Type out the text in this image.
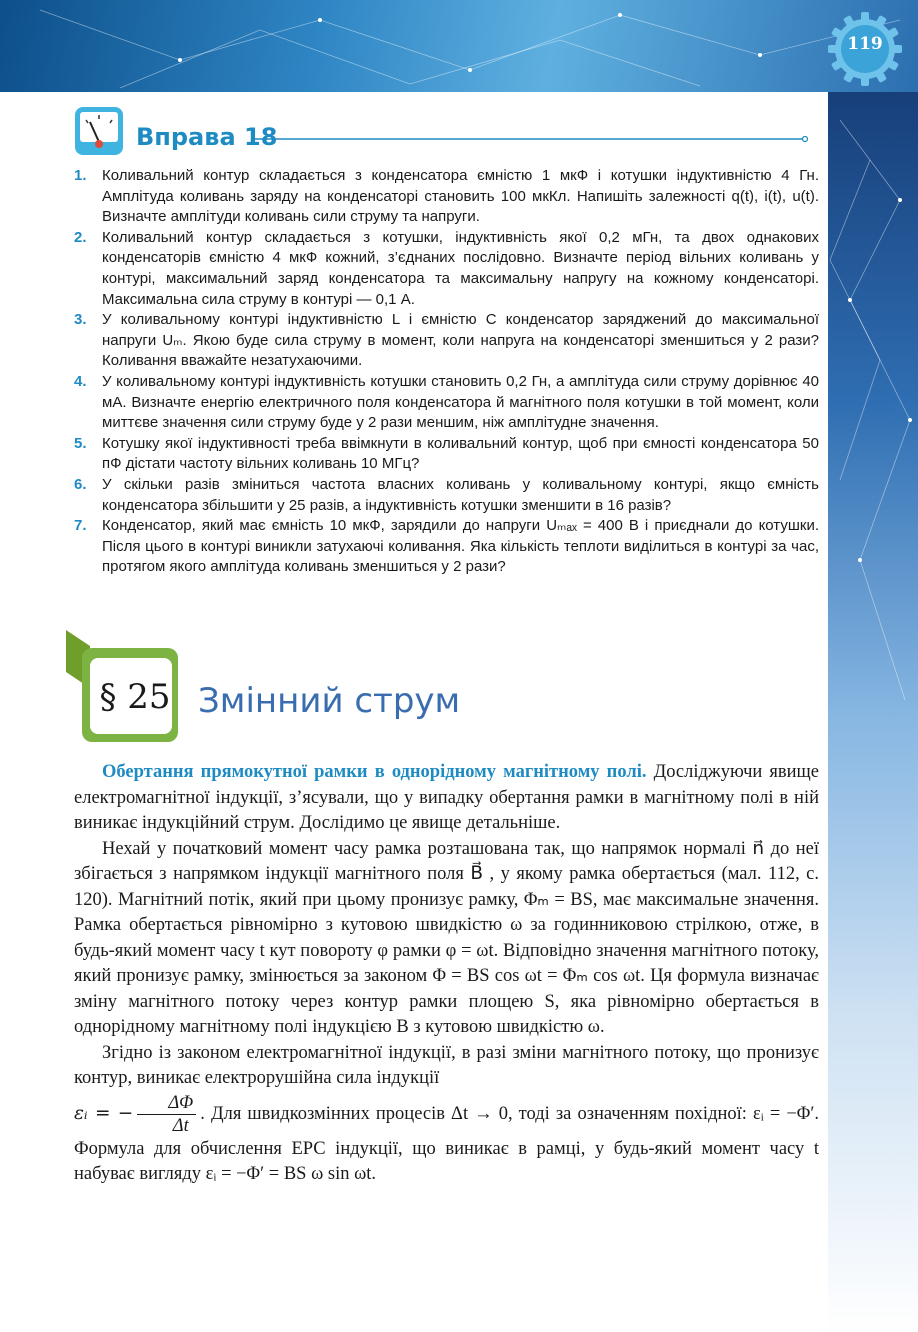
119
Вправа 18
1. Коливальний контур складається з конденсатора ємністю 1 мкФ і котушки індуктивністю 4 Гн. Амплітуда коливань заряду на конденсаторі становить 100 мкКл. Напишіть залежності q(t), i(t), u(t). Визначте амплітуди коливань сили струму та напруги.
2. Коливальний контур складається з котушки, індуктивність якої 0,2 мГн, та двох однакових конденсаторів ємністю 4 мкФ кожний, з’єднаних послідовно. Визначте період вільних коливань у контурі, максимальний заряд конденсатора та максимальну напругу на кожному конденсаторі. Максимальна сила струму в контурі — 0,1 А.
3. У коливальному контурі індуктивністю L і ємністю C конденсатор заряджений до максимальної напруги Uₘ. Якою буде сила струму в момент, коли напруга на конденсаторі зменшиться у 2 рази? Коливання вважайте незатухаючими.
4. У коливальному контурі індуктивність котушки становить 0,2 Гн, а амплітуда сили струму дорівнює 40 мА. Визначте енергію електричного поля конденсатора й магнітного поля котушки в той момент, коли миттєве значення сили струму буде у 2 рази меншим, ніж амплітудне значення.
5. Котушку якої індуктивності треба ввімкнути в коливальний контур, щоб при ємності конденсатора 50 пФ дістати частоту вільних коливань 10 МГц?
6. У скільки разів зміниться частота власних коливань у коливальному контурі, якщо ємність конденсатора збільшити у 25 разів, а індуктивність котушки зменшити в 16 разів?
7. Конденсатор, який має ємність 10 мкФ, зарядили до напруги Uₘₐₓ = 400 В і приєднали до котушки. Після цього в контурі виникли затухаючі коливання. Яка кількість теплоти виділиться в контурі за час, протягом якого амплітуда коливань зменшиться у 2 рази?
§ 25 Змінний струм

Обертання прямокутної рамки в однорідному магнітному полі. Досліджуючи явище електромагнітної індукції, з’ясували, що у випадку обертання рамки в магнітному полі в ній виникає індукційний струм. Дослідимо це явище детальніше.

Нехай у початковий момент часу рамка розташована так, що напрямок нормалі n⃗ до неї збігається з напрямком індукції магнітного поля B⃗ , у якому рамка обертається (мал. 112, с. 120). Магнітний потік, який при цьому пронизує рамку, Φₘ = BS, має максимальне значення. Рамка обертається рівномірно з кутовою швидкістю ω за годинниковою стрілкою, отже, в будь-який момент часу t кут повороту φ рамки φ = ωt. Відповідно значення магнітного потоку, який пронизує рамку, змінюється за законом Φ = BS cos ωt = Φₘ cos ωt. Ця формула визначає зміну магнітного потоку через контур рамки площею S, яка рівномірно обертається в однорідному магнітному полі індукцією B з кутовою швидкістю ω.

Згідно із законом електромагнітної індукції, в разі зміни магнітного потоку, що пронизує контур, виникає електрорушійна сила індукції
εᵢ = − $\frac{\Delta\Phi}{\Delta t}$ . Для швидкозмінних процесів Δt → 0, тоді за означенням похідної: εᵢ = −Φ′. Формула для обчислення ЕРС індукції, що виникає в рамці, у будь-який момент часу t набуває вигляду εᵢ = −Φ′ = BS ω sin ωt.
